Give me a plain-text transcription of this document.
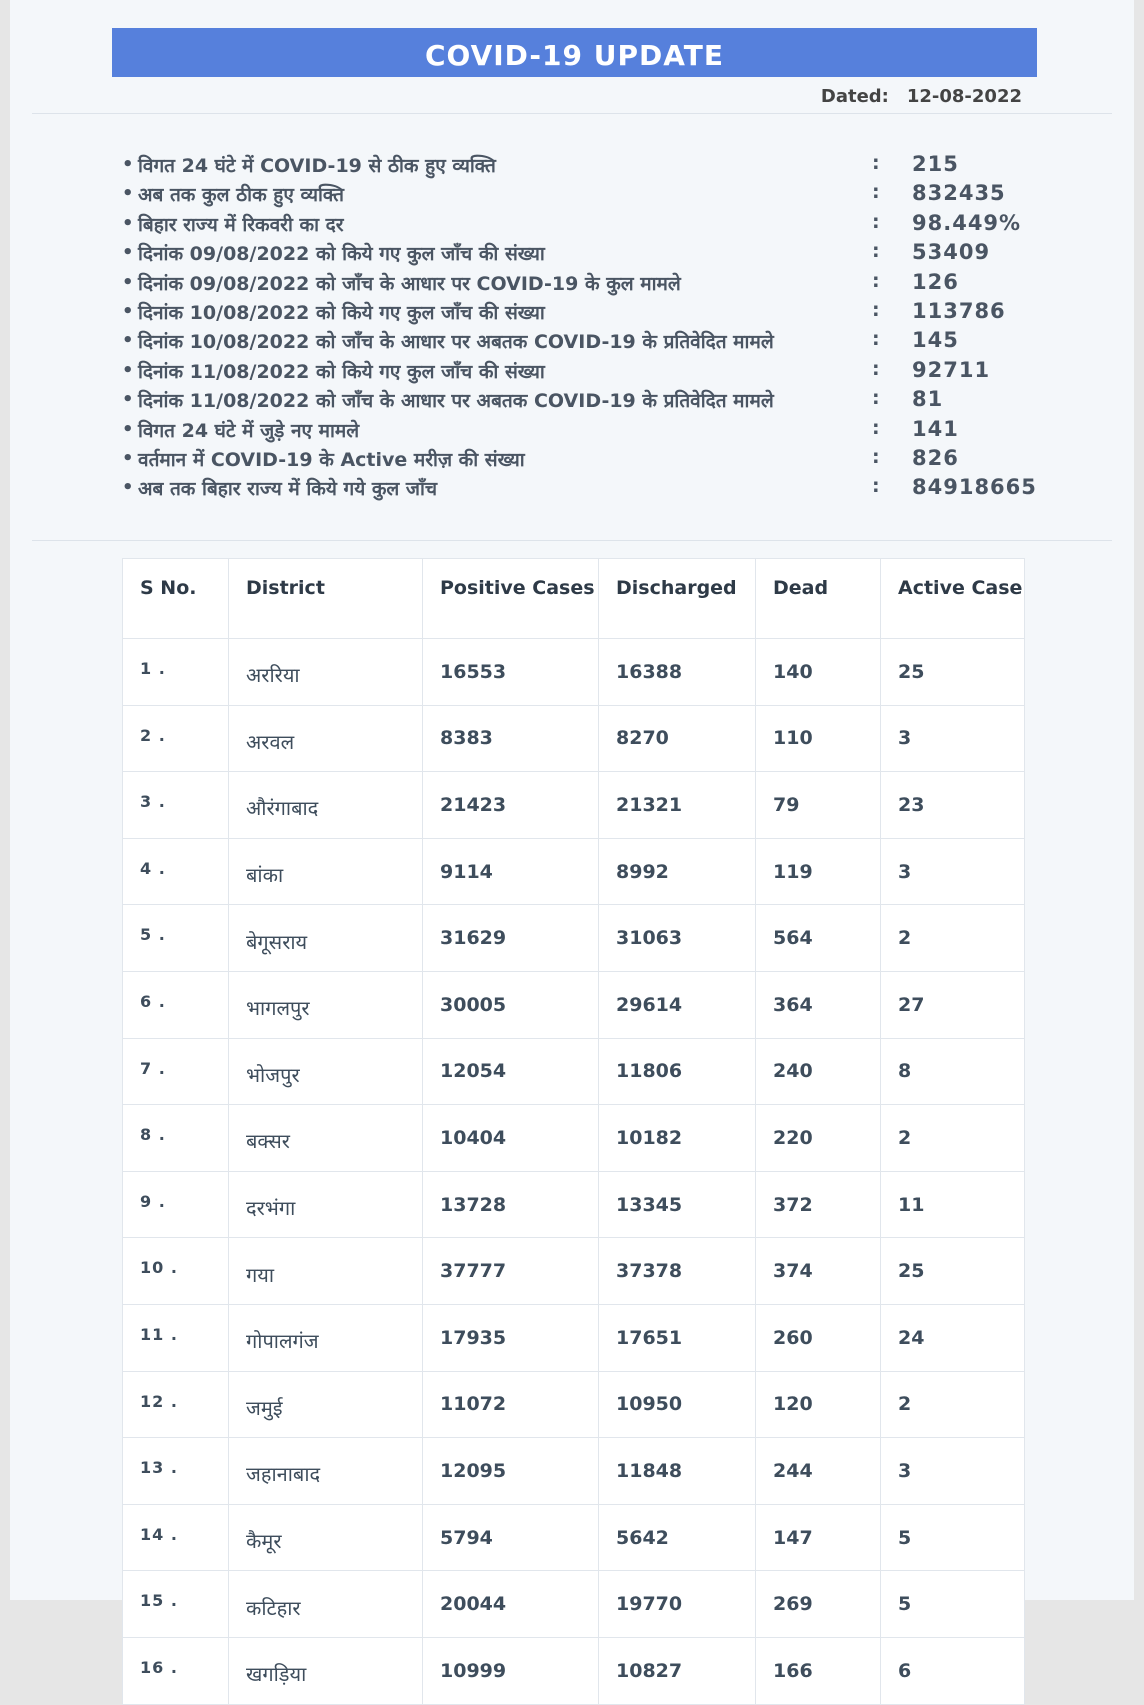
COVID-19 UPDATE
Dated: 12-08-2022
• विगत 24 घंटे में COVID-19 से ठीक हुए व्यक्ति	: 215
• अब तक कुल ठीक हुए व्यक्ति	: 832435
• बिहार राज्य में रिकवरी का दर	: 98.449%
• दिनांक 09/08/2022 को किये गए कुल जाँच की संख्या	: 53409
• दिनांक 09/08/2022 को जाँच के आधार पर COVID-19 के कुल मामले	: 126
• दिनांक 10/08/2022 को किये गए कुल जाँच की संख्या	: 113786
• दिनांक 10/08/2022 को जाँच के आधार पर अबतक COVID-19 के प्रतिवेदित मामले	: 145
• दिनांक 11/08/2022 को किये गए कुल जाँच की संख्या	: 92711
• दिनांक 11/08/2022 को जाँच के आधार पर अबतक COVID-19 के प्रतिवेदित मामले	: 81
• विगत 24 घंटे में जुड़े नए मामले	: 141
• वर्तमान में COVID-19 के Active मरीज़ की संख्या	: 826
• अब तक बिहार राज्य में किये गये कुल जाँच	: 84918665
S No.	District	Positive Cases	Discharged	Dead	Active Case
1 .	अररिया	16553	16388	140	25
2 .	अरवल	8383	8270	110	3
3 .	औरंगाबाद	21423	21321	79	23
4 .	बांका	9114	8992	119	3
5 .	बेगूसराय	31629	31063	564	2
6 .	भागलपुर	30005	29614	364	27
7 .	भोजपुर	12054	11806	240	8
8 .	बक्सर	10404	10182	220	2
9 .	दरभंगा	13728	13345	372	11
10 .	गया	37777	37378	374	25
11 .	गोपालगंज	17935	17651	260	24
12 .	जमुई	11072	10950	120	2
13 .	जहानाबाद	12095	11848	244	3
14 .	कैमूर	5794	5642	147	5
15 .	कटिहार	20044	19770	269	5
16 .	खगड़िया	10999	10827	166	6
